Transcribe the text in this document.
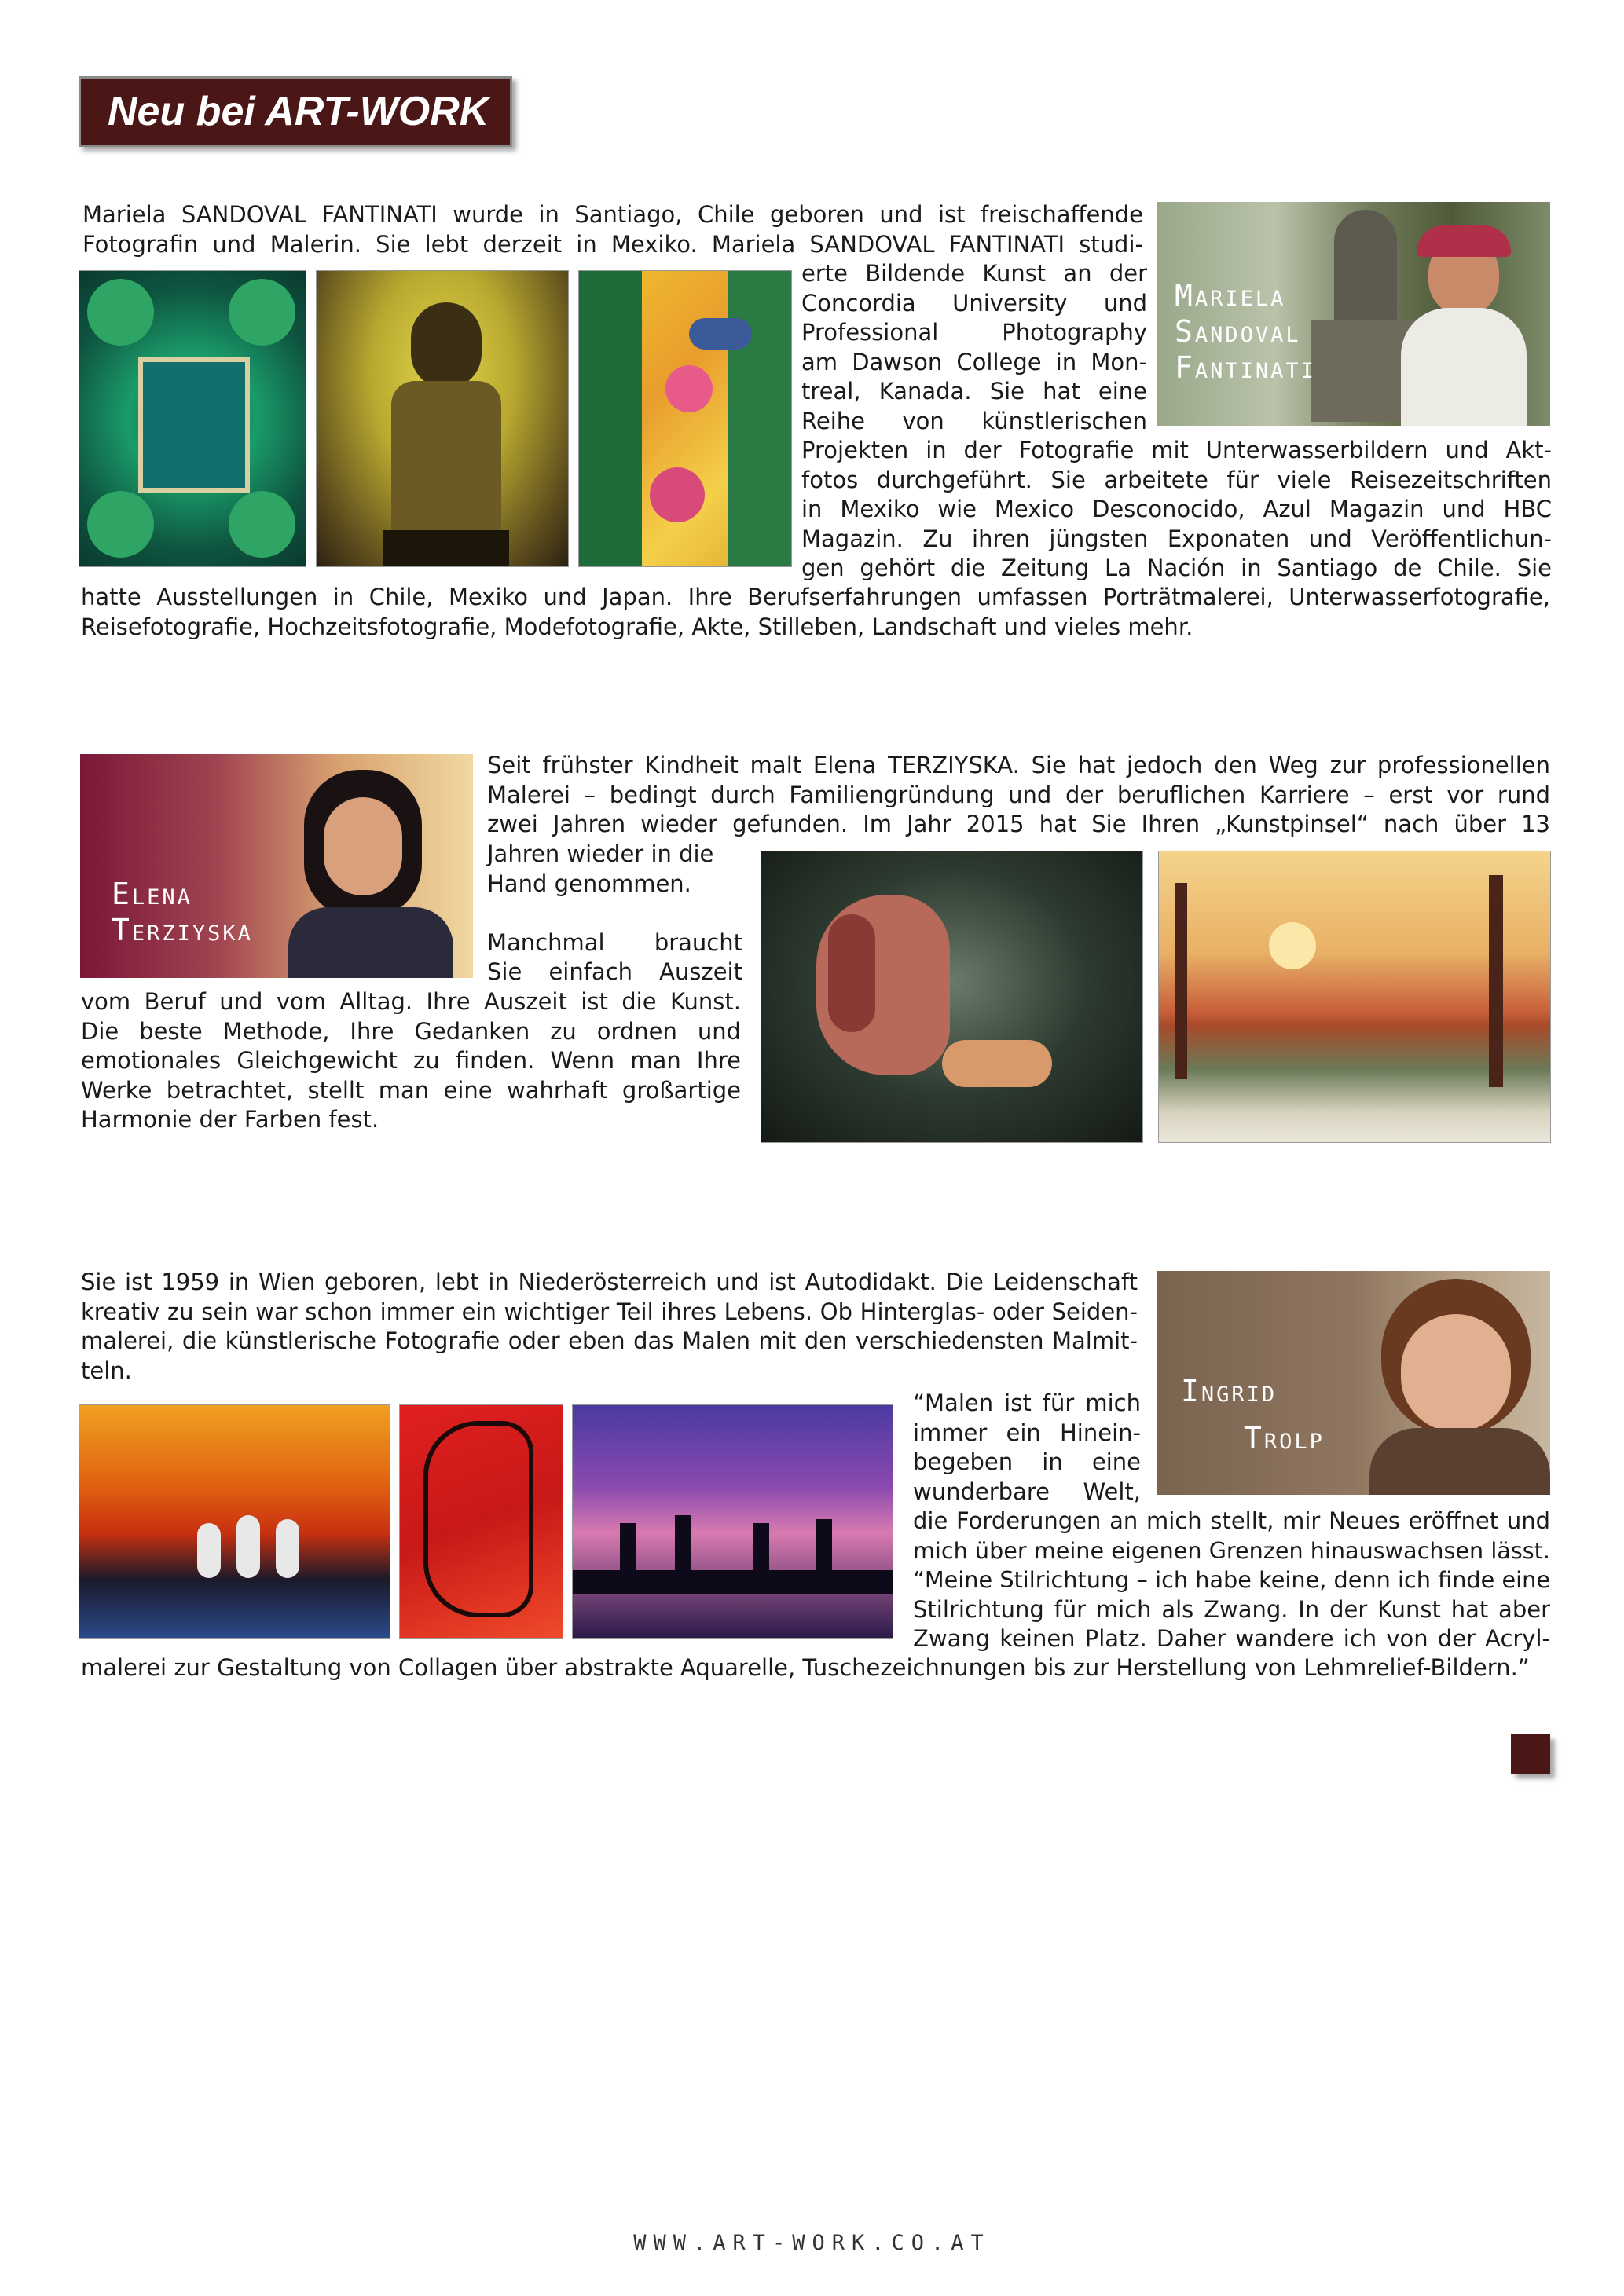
Neu bei ART-WORK
Mariela
Sandoval
Fantinati
Mariela SANDOVAL FANTINATI wurde in Santiago, Chile geboren und ist freischaffende
Fotografin und Malerin. Sie lebt derzeit in Mexiko. Mariela SANDOVAL FANTINATI studi-
erte Bildende Kunst an der
Concordia University und
Professional Photography
am Dawson College in Mon-
treal, Kanada. Sie hat eine
Reihe von künstlerischen
Projekten in der Fotografie mit Unterwasserbildern und Akt-
fotos durchgeführt. Sie arbeitete für viele Reisezeitschriften
in Mexiko wie Mexico Desconocido, Azul Magazin und HBC
Magazin. Zu ihren jüngsten Exponaten und Veröffentlichun-
gen gehört die Zeitung La Nación in Santiago de Chile. Sie
hatte Ausstellungen in Chile, Mexiko und Japan. Ihre Berufserfahrungen umfassen Porträtmalerei, Unterwasserfotografie,
Reisefotografie, Hochzeitsfotografie, Modefotografie, Akte, Stilleben, Landschaft und vieles mehr.
Elena
Terziyska
Seit frühster Kindheit malt Elena TERZIYSKA. Sie hat jedoch den Weg zur professionellen
Malerei – bedingt durch Familiengründung und der beruflichen Karriere – erst vor rund
zwei Jahren wieder gefunden. Im Jahr 2015 hat Sie Ihren „Kunstpinsel“ nach über 13
Jahren wieder in die
Hand genommen.
Manchmal braucht
Sie einfach Auszeit
vom Beruf und vom Alltag. Ihre Auszeit ist die Kunst.
Die beste Methode, Ihre Gedanken zu ordnen und
emotionales Gleichgewicht zu finden. Wenn man Ihre
Werke betrachtet, stellt man eine wahrhaft großartige
Harmonie der Farben fest.
Ingrid
Trolp
Sie ist 1959 in Wien geboren, lebt in Niederösterreich und ist Autodidakt. Die Leidenschaft
kreativ zu sein war schon immer ein wichtiger Teil ihres Lebens. Ob Hinterglas- oder Seiden-
malerei, die künstlerische Fotografie oder eben das Malen mit den verschiedensten Malmit-
teln.
“Malen ist für mich
immer ein Hinein-
begeben in eine
wunderbare Welt,
die Forderungen an mich stellt, mir Neues eröffnet und
mich über meine eigenen Grenzen hinauswachsen lässt.
“Meine Stilrichtung – ich habe keine, denn ich finde eine
Stilrichtung für mich als Zwang. In der Kunst hat aber
Zwang keinen Platz. Daher wandere ich von der Acryl-
malerei zur Gestaltung von Collagen über abstrakte Aquarelle, Tuschezeichnungen bis zur Herstellung von Lehmrelief-Bildern.”
WWW.ART-WORK.CO.AT
